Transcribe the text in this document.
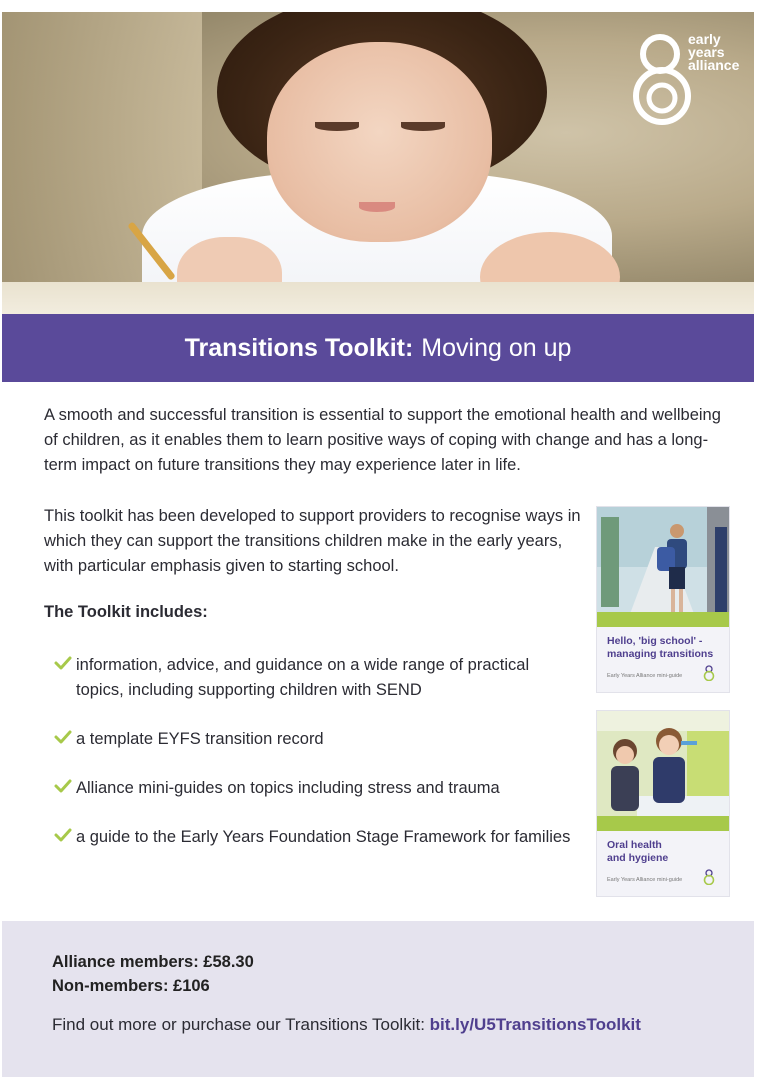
early
years
alliance
Transitions Toolkit: Moving on up

A smooth and successful transition is essential to support the emotional health and wellbeing of children, as it enables them to learn positive ways of coping with change and has a long-term impact on future transitions they may experience later in life.

This toolkit has been developed to support providers to recognise ways in which they can support the transitions children make in the early years, with particular emphasis given to starting school.

The Toolkit includes:

information, advice, and guidance on a wide range of practical topics, including supporting children with SEND
a template EYFS transition record
Alliance mini-guides on topics including stress and trauma
a guide to the Early Years Foundation Stage Framework for families
Hello, 'big school' - managing transitions
Early Years Alliance mini-guide
Oral health and hygiene
Early Years Alliance mini-guide

Alliance members: £58.30

Non-members: £106

Find out more or purchase our Transitions Toolkit: bit.ly/U5TransitionsToolkit
